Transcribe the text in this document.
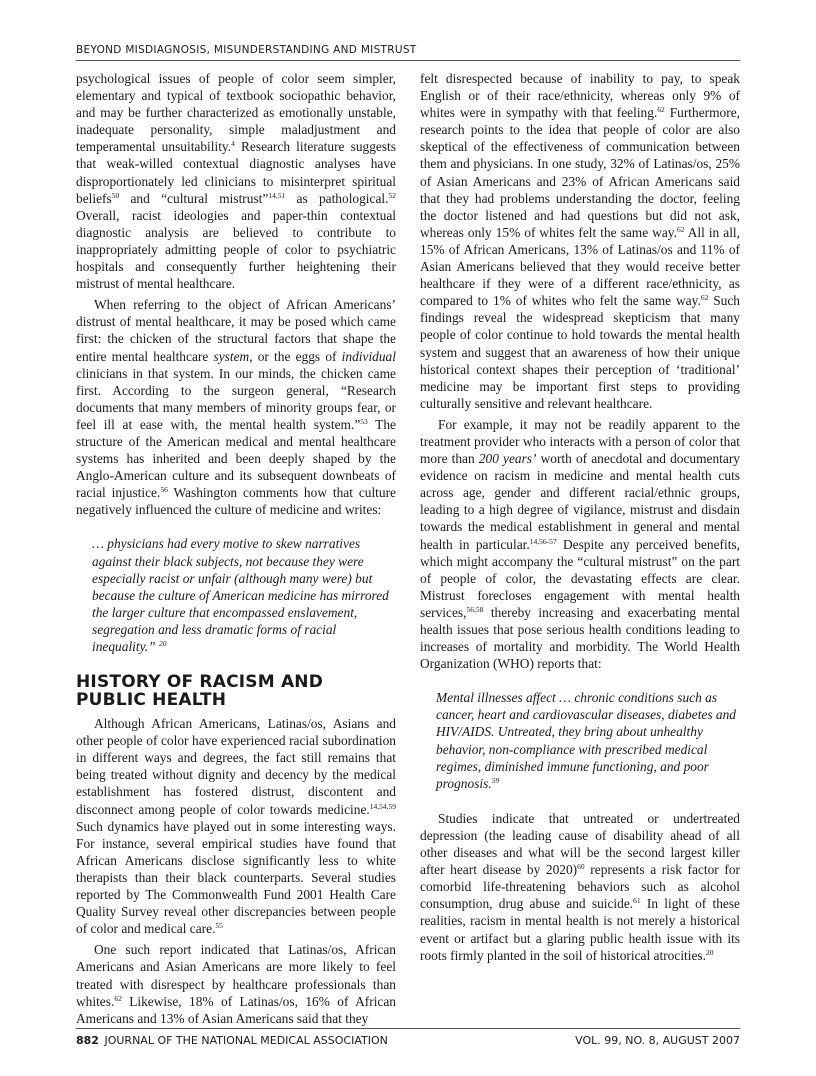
BEYOND MISDIAGNOSIS, MISUNDERSTANDING AND MISTRUST

psychological issues of people of color seem simpler, elementary and typical of textbook sociopathic behavior, and may be further characterized as emotionally unstable, inadequate personality, simple maladjustment and temperamental unsuitability.$^4$ Research literature suggests that weak-willed contextual diagnostic analyses have disproportionately led clinicians to misinterpret spiritual beliefs$^{50}$ and “cultural mistrust”$^{14,51}$ as pathological.$^{52}$ Overall, racist ideologies and paper-thin contextual diagnostic analysis are believed to contribute to inappropriately admitting people of color to psychiatric hospitals and consequently further heightening their mistrust of mental healthcare.

When referring to the object of African Americans’ distrust of mental healthcare, it may be posed which came first: the chicken of the structural factors that shape the entire mental healthcare system, or the eggs of individual clinicians in that system. In our minds, the chicken came first. According to the surgeon general, “Research documents that many members of minority groups fear, or feel ill at ease with, the mental health system.”$^{53}$ The structure of the American medical and mental healthcare systems has inherited and been deeply shaped by the Anglo-American culture and its subsequent downbeats of racial injustice.$^{56}$ Washington comments how that culture negatively influenced the culture of medicine and writes:

… physicians had every motive to skew narratives against their black subjects, not because they were especially racist or unfair (although many were) but because the culture of American medicine has mirrored the larger culture that encompassed enslavement, segregation and less dramatic forms of racial inequality.” $^{20}$
HISTORY OF RACISM AND
PUBLIC HEALTH

Although African Americans, Latinas/os, Asians and other people of color have experienced racial subordination in different ways and degrees, the fact still remains that being treated without dignity and decency by the medical establishment has fostered distrust, discontent and disconnect among people of color towards medicine.$^{14,54,59}$ Such dynamics have played out in some interesting ways. For instance, several empirical studies have found that African Americans disclose significantly less to white therapists than their black counterparts. Several studies reported by The Commonwealth Fund 2001 Health Care Quality Survey reveal other discrepancies between people of color and medical care.$^{55}$

One such report indicated that Latinas/os, African Americans and Asian Americans are more likely to feel treated with disrespect by healthcare professionals than whites.$^{62}$ Likewise, 18% of Latinas/os, 16% of African Americans and 13% of Asian Americans said that they

felt disrespected because of inability to pay, to speak English or of their race/ethnicity, whereas only 9% of whites were in sympathy with that feeling.$^{62}$ Furthermore, research points to the idea that people of color are also skeptical of the effectiveness of communication between them and physicians. In one study, 32% of Latinas/os, 25% of Asian Americans and 23% of African Americans said that they had problems understanding the doctor, feeling the doctor listened and had questions but did not ask, whereas only 15% of whites felt the same way.$^{62}$ All in all, 15% of African Americans, 13% of Latinas/os and 11% of Asian Americans believed that they would receive better healthcare if they were of a different race/ethnicity, as compared to 1% of whites who felt the same way.$^{62}$ Such findings reveal the widespread skepticism that many people of color continue to hold towards the mental health system and suggest that an awareness of how their unique historical context shapes their perception of ‘traditional’ medicine may be important first steps to providing culturally sensitive and relevant healthcare.

For example, it may not be readily apparent to the treatment provider who interacts with a person of color that more than 200 years’ worth of anecdotal and documentary evidence on racism in medicine and mental health cuts across age, gender and different racial/ethnic groups, leading to a high degree of vigilance, mistrust and disdain towards the medical establishment in general and mental health in particular.$^{14,56-57}$ Despite any perceived benefits, which might accompany the “cultural mistrust” on the part of people of color, the devastating effects are clear. Mistrust forecloses engagement with mental health services,$^{56,58}$ thereby increasing and exacerbating mental health issues that pose serious health conditions leading to increases of mortality and morbidity. The World Health Organization (WHO) reports that:

Mental illnesses affect … chronic conditions such as cancer, heart and cardiovascular diseases, diabetes and HIV/AIDS. Untreated, they bring about unhealthy behavior, non-compliance with prescribed medical regimes, diminished immune functioning, and poor prognosis.$^{59}$

Studies indicate that untreated or undertreated depression (the leading cause of disability ahead of all other diseases and what will be the second largest killer after heart disease by 2020)$^{60}$ represents a risk factor for comorbid life-threatening behaviors such as alcohol consumption, drug abuse and suicide.$^{61}$ In light of these realities, racism in mental health is not merely a historical event or artifact but a glaring public health issue with its roots firmly planted in the soil of historical atrocities.$^{20}$

882 JOURNAL OF THE NATIONAL MEDICAL ASSOCIATION	VOL. 99, NO. 8, AUGUST 2007
